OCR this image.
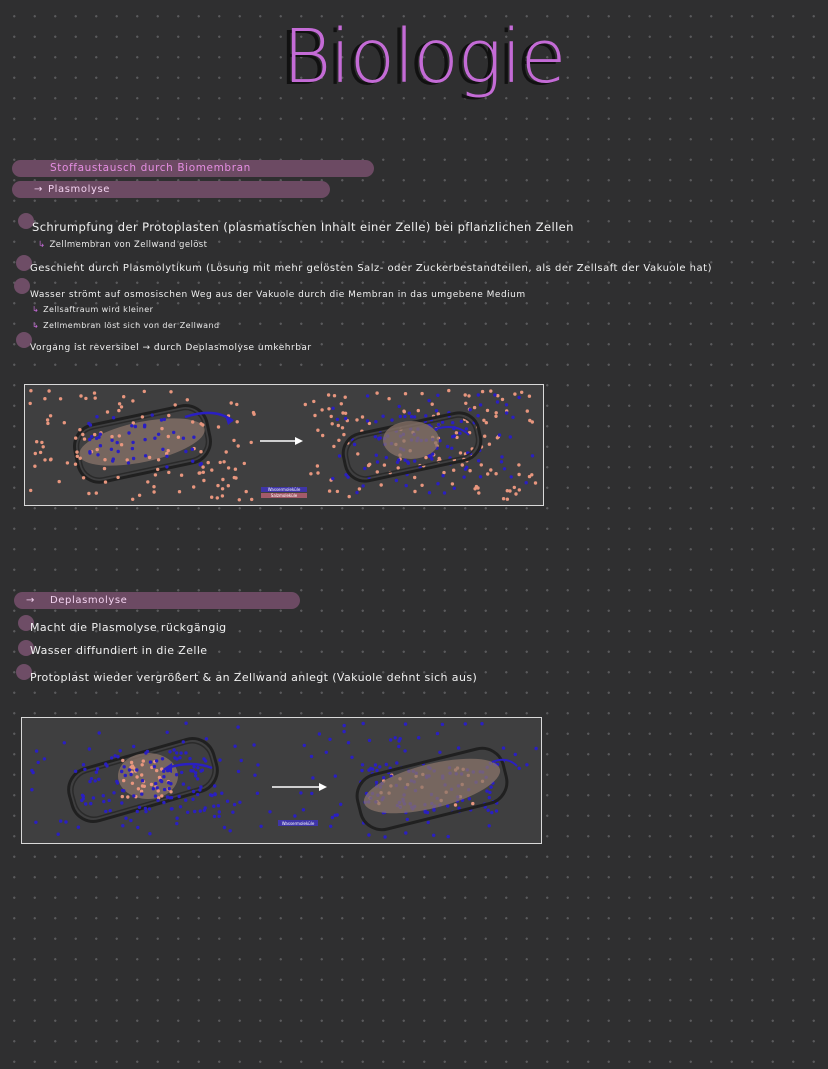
Biologie
Stoffaustausch durch Biomembran
→ Plasmolyse
Schrumpfung der Protoplasten (plasmatischen Inhalt einer Zelle) bei pflanzlichen Zellen
↳ Zellmembran von Zellwand gelöst
Geschieht durch Plasmolytikum (Lösung mit mehr gelösten Salz- oder Zuckerbestandteilen, als der Zellsaft der Vakuole hat)
Wasser strömt auf osmosischen Weg aus der Vakuole durch die Membran in das umgebene Medium
↳ Zellsaftraum wird kleiner
↳ Zellmembran löst sich von der Zellwand
Vorgang ist reversibel → durch Deplasmolyse umkehrbar
Wassermoleküle
Salzmoleküle
→ Deplasmolyse
Macht die Plasmolyse rückgängig
Wasser diffundiert in die Zelle
Protoplast wieder vergrößert & an Zellwand anlegt (Vakuole dehnt sich aus)
Wassermoleküle
